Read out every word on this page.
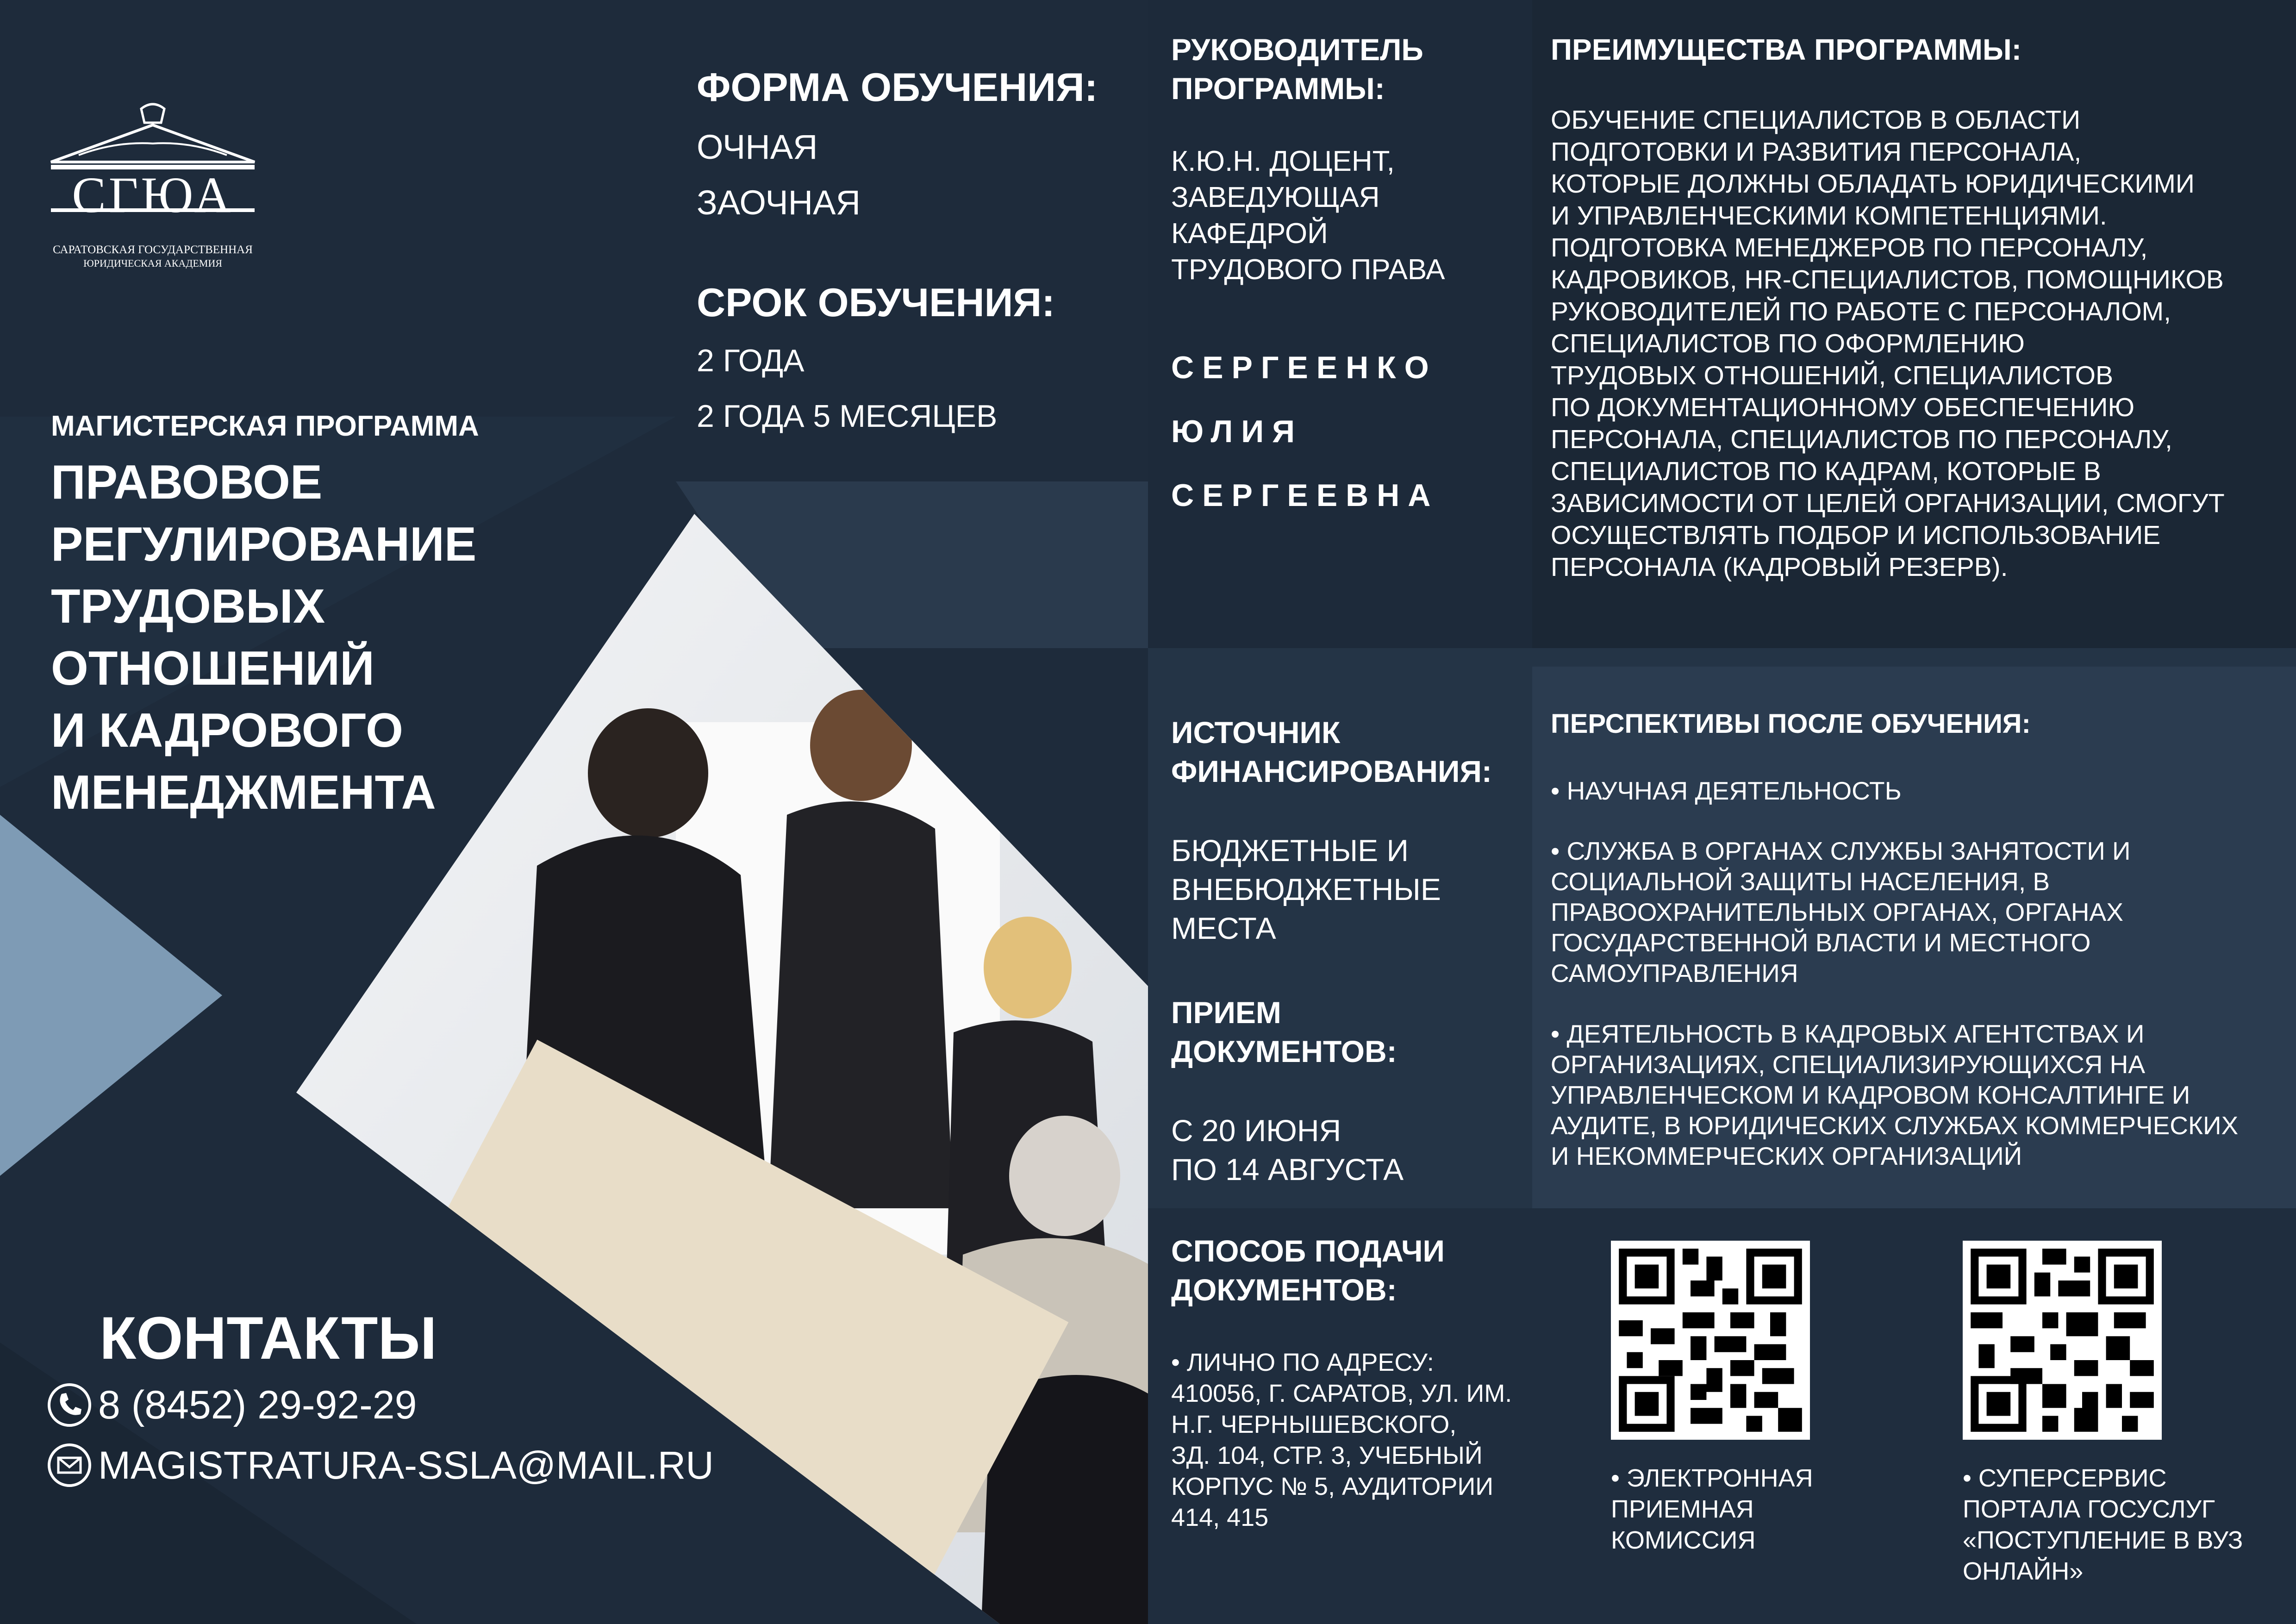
СГЮА
САРАТОВСКАЯ ГОСУДАРСТВЕННАЯ
ЮРИДИЧЕСКАЯ АКАДЕМИЯ
МАГИСТЕРСКАЯ ПРОГРАММА
ПРАВОВОЕ
РЕГУЛИРОВАНИЕ
ТРУДОВЫХ
ОТНОШЕНИЙ
И КАДРОВОГО
МЕНЕДЖМЕНТА
ФОРМА ОБУЧЕНИЯ:
ОЧНАЯ
ЗАОЧНАЯ
СРОК ОБУЧЕНИЯ:
2 ГОДА
2 ГОДА 5 МЕСЯЦЕВ
РУКОВОДИТЕЛЬ
ПРОГРАММЫ:
К.Ю.Н. ДОЦЕНТ,
ЗАВЕДУЮЩАЯ
КАФЕДРОЙ
ТРУДОВОГО ПРАВА
СЕРГЕЕНКО
ЮЛИЯ
СЕРГЕЕВНА
ПРЕИМУЩЕСТВА ПРОГРАММЫ:
ОБУЧЕНИЕ СПЕЦИАЛИСТОВ В ОБЛАСТИ
ПОДГОТОВКИ И РАЗВИТИЯ ПЕРСОНАЛА,
КОТОРЫЕ ДОЛЖНЫ ОБЛАДАТЬ ЮРИДИЧЕСКИМИ
И УПРАВЛЕНЧЕСКИМИ КОМПЕТЕНЦИЯМИ.
ПОДГОТОВКА МЕНЕДЖЕРОВ ПО ПЕРСОНАЛУ,
КАДРОВИКОВ, HR-СПЕЦИАЛИСТОВ, ПОМОЩНИКОВ
РУКОВОДИТЕЛЕЙ ПО РАБОТЕ С ПЕРСОНАЛОМ,
СПЕЦИАЛИСТОВ ПО ОФОРМЛЕНИЮ
ТРУДОВЫХ ОТНОШЕНИЙ, СПЕЦИАЛИСТОВ
ПО ДОКУМЕНТАЦИОННОМУ ОБЕСПЕЧЕНИЮ
ПЕРСОНАЛА, СПЕЦИАЛИСТОВ ПО ПЕРСОНАЛУ,
СПЕЦИАЛИСТОВ ПО КАДРАМ, КОТОРЫЕ В
ЗАВИСИМОСТИ ОТ ЦЕЛЕЙ ОРГАНИЗАЦИИ, СМОГУТ
ОСУЩЕСТВЛЯТЬ ПОДБОР И ИСПОЛЬЗОВАНИЕ
ПЕРСОНАЛА (КАДРОВЫЙ РЕЗЕРВ).
ИСТОЧНИК
ФИНАНСИРОВАНИЯ:
БЮДЖЕТНЫЕ И
ВНЕБЮДЖЕТНЫЕ
МЕСТА
ПРИЕМ
ДОКУМЕНТОВ:
С 20 ИЮНЯ
ПО 14 АВГУСТА
СПОСОБ ПОДАЧИ
ДОКУМЕНТОВ:
• ЛИЧНО ПО АДРЕСУ:
410056, Г. САРАТОВ, УЛ. ИМ.
Н.Г. ЧЕРНЫШЕВСКОГО,
ЗД. 104, СТР. 3, УЧЕБНЫЙ
КОРПУС № 5, АУДИТОРИИ
414, 415
ПЕРСПЕКТИВЫ ПОСЛЕ ОБУЧЕНИЯ:
• НАУЧНАЯ ДЕЯТЕЛЬНОСТЬ
• СЛУЖБА В ОРГАНАХ СЛУЖБЫ ЗАНЯТОСТИ И
СОЦИАЛЬНОЙ ЗАЩИТЫ НАСЕЛЕНИЯ, В
ПРАВООХРАНИТЕЛЬНЫХ ОРГАНАХ, ОРГАНАХ
ГОСУДАРСТВЕННОЙ ВЛАСТИ И МЕСТНОГО
САМОУПРАВЛЕНИЯ
• ДЕЯТЕЛЬНОСТЬ В КАДРОВЫХ АГЕНТСТВАХ И
ОРГАНИЗАЦИЯХ, СПЕЦИАЛИЗИРУЮЩИХСЯ НА
УПРАВЛЕНЧЕСКОМ И КАДРОВОМ КОНСАЛТИНГЕ И
АУДИТЕ, В ЮРИДИЧЕСКИХ СЛУЖБАХ КОММЕРЧЕСКИХ
И НЕКОММЕРЧЕСКИХ ОРГАНИЗАЦИЙ
• ЭЛЕКТРОННАЯ
ПРИЕМНАЯ
КОМИССИЯ
• СУПЕРСЕРВИС
ПОРТАЛА ГОСУСЛУГ
«ПОСТУПЛЕНИЕ В ВУЗ
ОНЛАЙН»
КОНТАКТЫ
8 (8452) 29-92-29
MAGISTRATURA-SSLA@MAIL.RU
